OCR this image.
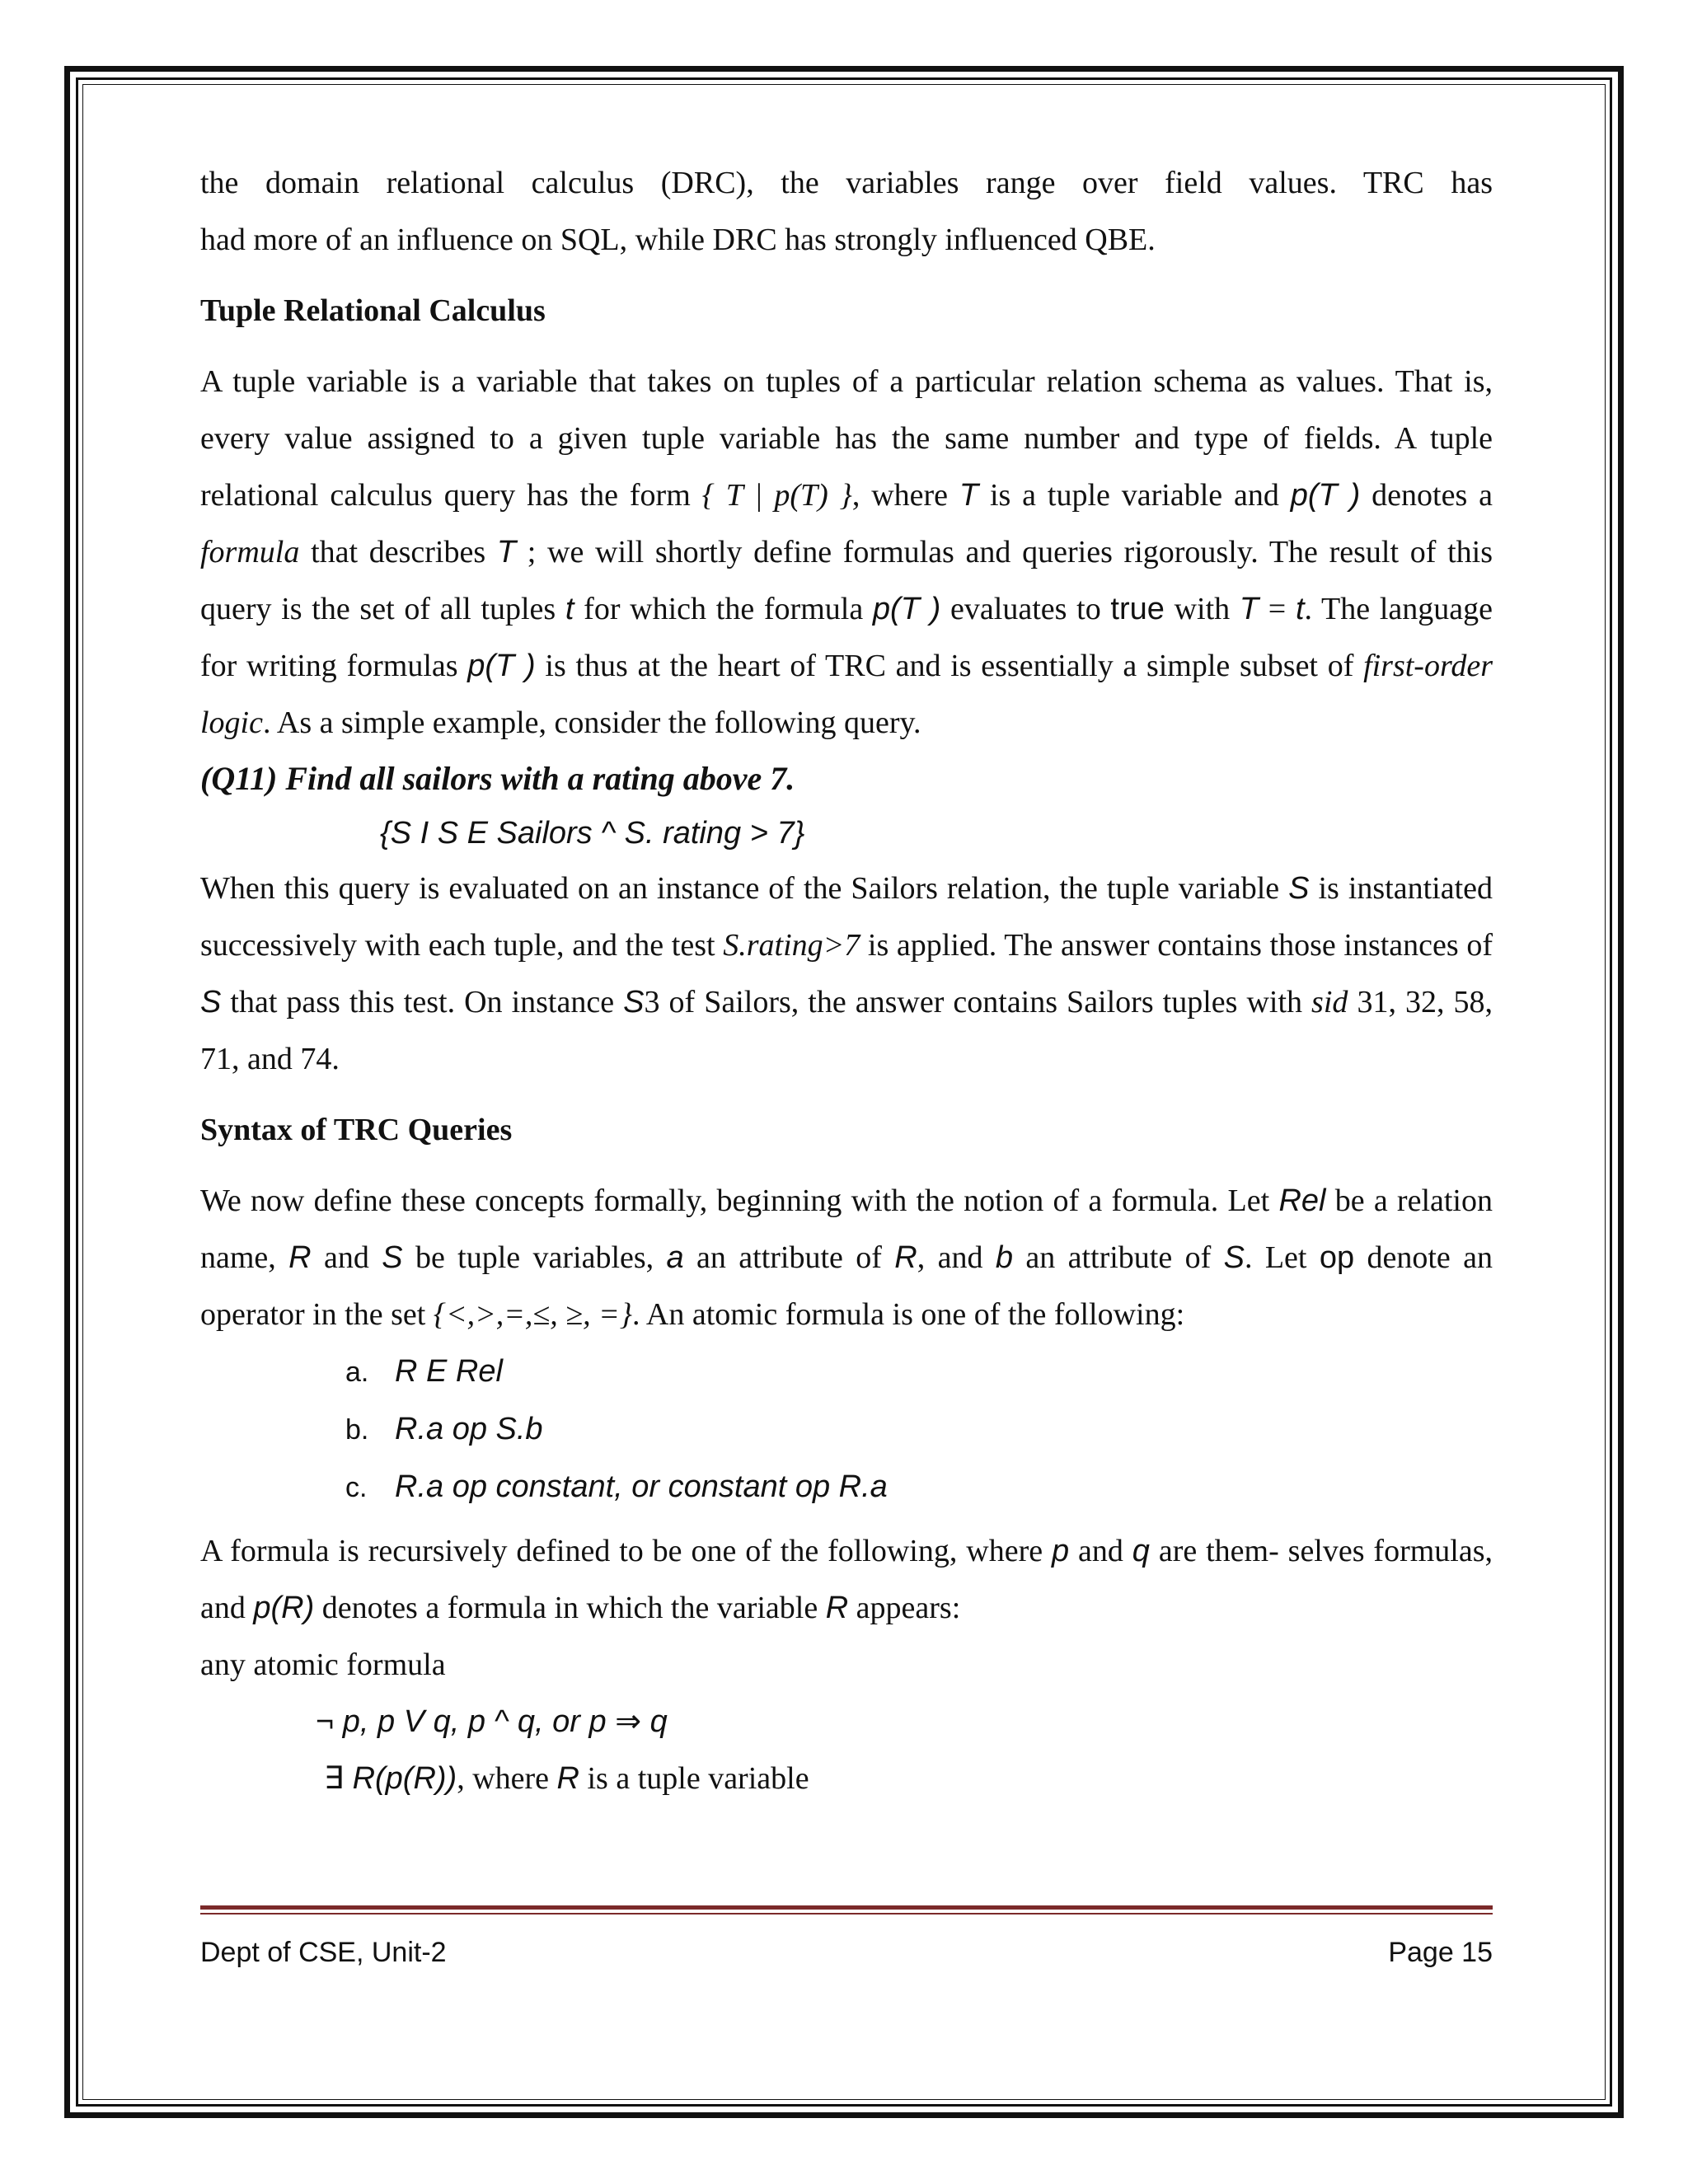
the domain relational calculus (DRC), the variables range over field values. TRC has

had more of an influence on SQL, while DRC has strongly influenced QBE.

Tuple Relational Calculus

A tuple variable is a variable that takes on tuples of a particular relation schema as values. That is, every value assigned to a given tuple variable has the same number and type of fields. A tuple relational calculus query has the form { T | p(T) }, where T is a tuple variable and p(T ) denotes a formula that describes T ; we will shortly define formulas and queries rigorously. The result of this query is the set of all tuples t for which the formula p(T ) evaluates to true with T = t. The language for writing formulas p(T ) is thus at the heart of TRC and is essentially a simple subset of first-order logic. As a simple example, consider the following query.

(Q11) Find all sailors with a rating above 7.

{S I S E Sailors ^ S. rating > 7}

When this query is evaluated on an instance of the Sailors relation, the tuple variable S is instantiated successively with each tuple, and the test S.rating>7 is applied. The answer contains those instances of S that pass this test. On instance S3 of Sailors, the answer contains Sailors tuples with sid 31, 32, 58, 71, and 74.

Syntax of TRC Queries

We now define these concepts formally, beginning with the notion of a formula. Let Rel be a relation name, R and S be tuple variables, a an attribute of R, and b an attribute of S. Let op denote an operator in the set {<,>,=,≤, ≥, =}. An atomic formula is one of the following:

a. R E Rel
b. R.a op S.b
c. R.a op constant, or constant op R.a

A formula is recursively defined to be one of the following, where p and q are them- selves formulas, and p(R) denotes a formula in which the variable R appears:

any atomic formula

¬ p, p V q, p ^ q, or p ⇒ q

∃ R(p(R)), where R is a tuple variable

Dept of CSE, Unit-2	Page 15
